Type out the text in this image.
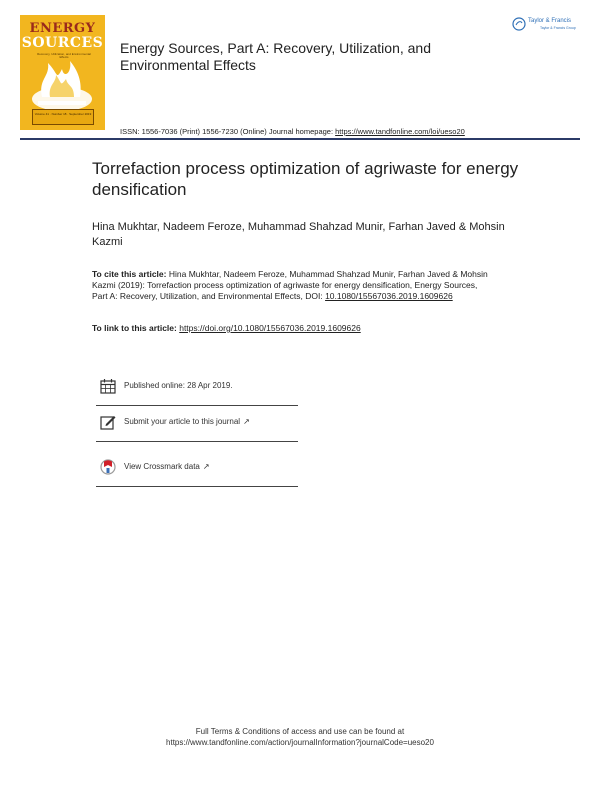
ENERGY
SOURCES
Recovery, Utilization, and Environmental Effects
Volume 41 · Number 18 · September 2019
Energy Sources, Part A: Recovery, Utilization, and Environmental Effects
Taylor & Francis
Taylor & Francis Group
ISSN: 1556-7036 (Print) 1556-7230 (Online) Journal homepage: https://www.tandfonline.com/loi/ueso20
Torrefaction process optimization of agriwaste for energy densification
Hina Mukhtar, Nadeem Feroze, Muhammad Shahzad Munir, Farhan Javed & Mohsin Kazmi
To cite this article: Hina Mukhtar, Nadeem Feroze, Muhammad Shahzad Munir, Farhan Javed & Mohsin Kazmi (2019): Torrefaction process optimization of agriwaste for energy densification, Energy Sources, Part A: Recovery, Utilization, and Environmental Effects, DOI: 10.1080/15567036.2019.1609626
To link to this article: https://doi.org/10.1080/15567036.2019.1609626
Published online: 28 Apr 2019.
Submit your article to this journal ↗
View Crossmark data ↗
Full Terms & Conditions of access and use can be found at
https://www.tandfonline.com/action/journalInformation?journalCode=ueso20
